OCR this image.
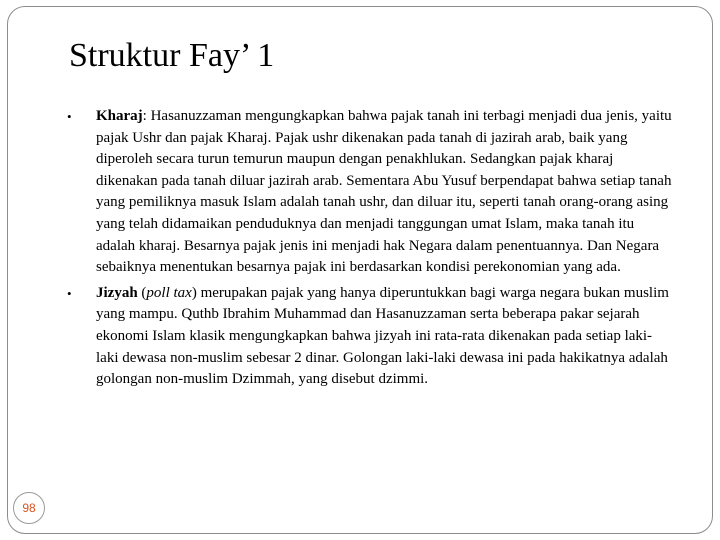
Struktur Fay’ 1
• Kharaj: Hasanuzzaman mengungkapkan bahwa pajak tanah ini terbagi menjadi dua jenis, yaitu pajak Ushr dan pajak Kharaj. Pajak ushr dikenakan pada tanah di jazirah arab, baik yang diperoleh secara turun temurun maupun dengan penakhlukan. Sedangkan pajak kharaj dikenakan pada tanah diluar jazirah arab. Sementara Abu Yusuf berpendapat bahwa setiap tanah yang pemiliknya masuk Islam adalah tanah ushr, dan diluar itu, seperti tanah orang-orang asing yang telah didamaikan penduduknya dan menjadi tanggungan umat Islam, maka tanah itu adalah kharaj. Besarnya pajak jenis ini menjadi hak Negara dalam penentuannya. Dan Negara sebaiknya menentukan besarnya pajak ini berdasarkan kondisi perekonomian yang ada.
• Jizyah (poll tax) merupakan pajak yang hanya diperuntukkan bagi warga negara bukan muslim yang mampu. Quthb Ibrahim Muhammad dan Hasanuzzaman serta beberapa pakar sejarah ekonomi Islam klasik mengungkapkan bahwa jizyah ini rata-rata dikenakan pada setiap laki-laki dewasa non-muslim sebesar 2 dinar. Golongan laki-laki dewasa ini pada hakikatnya adalah golongan non-muslim Dzimmah, yang disebut dzimmi.
98
